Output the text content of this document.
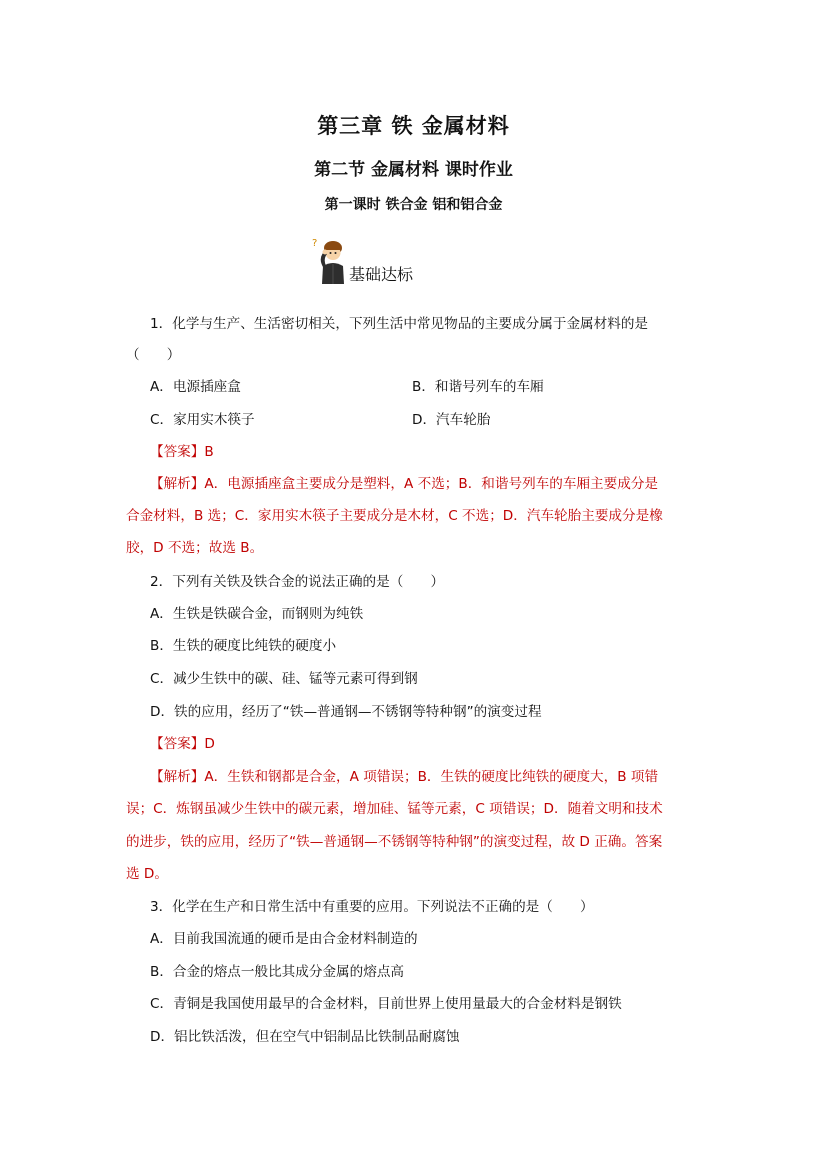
第三章 铁 金属材料
第二节 金属材料 课时作业
第一课时 铁合金 铝和铝合金
?
基础达标
1．化学与生产、生活密切相关，下列生活中常见物品的主要成分属于金属材料的是
（　　）
A．电源插座盒	B．和谐号列车的车厢
C．家用实木筷子	D．汽车轮胎
【答案】B
【解析】A．电源插座盒主要成分是塑料，A 不选；B．和谐号列车的车厢主要成分是
合金材料，B 选；C．家用实木筷子主要成分是木材，C 不选；D．汽车轮胎主要成分是橡
胶，D 不选；故选 B。
2．下列有关铁及铁合金的说法正确的是（　　）
A．生铁是铁碳合金，而钢则为纯铁
B．生铁的硬度比纯铁的硬度小
C．减少生铁中的碳、硅、锰等元素可得到钢
D．铁的应用，经历了“铁—普通钢—不锈钢等特种钢”的演变过程
【答案】D
【解析】A．生铁和钢都是合金，A 项错误；B．生铁的硬度比纯铁的硬度大，B 项错
误；C．炼钢虽减少生铁中的碳元素，增加硅、锰等元素，C 项错误；D．随着文明和技术
的进步，铁的应用，经历了“铁—普通钢—不锈钢等特种钢”的演变过程，故 D 正确。答案
选 D。
3．化学在生产和日常生活中有重要的应用。下列说法不正确的是（　　）
A．目前我国流通的硬币是由合金材料制造的
B．合金的熔点一般比其成分金属的熔点高
C．青铜是我国使用最早的合金材料，目前世界上使用量最大的合金材料是钢铁
D．铝比铁活泼，但在空气中铝制品比铁制品耐腐蚀
